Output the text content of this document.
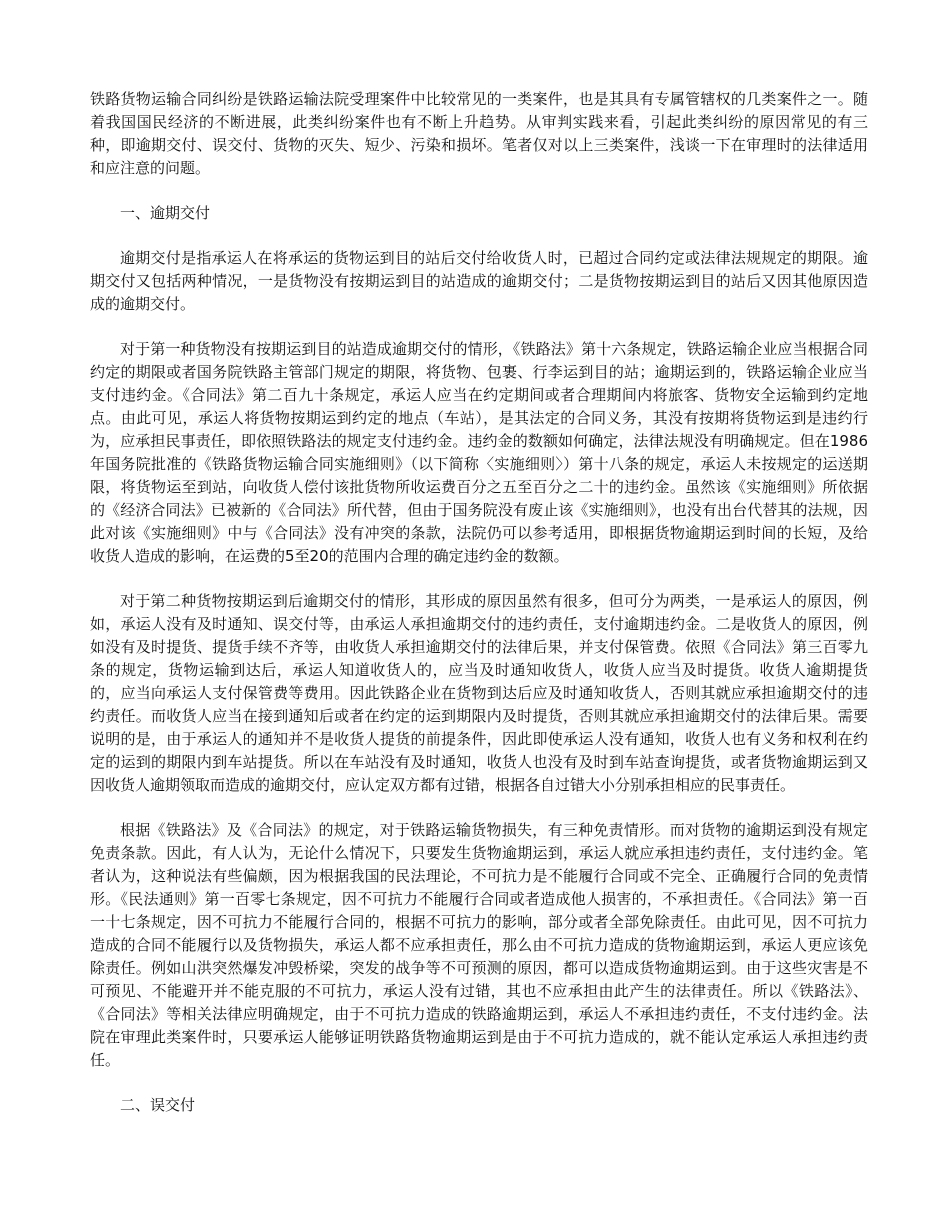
铁路货物运输合同纠纷是铁路运输法院受理案件中比较常见的一类案件，也是其具有专属管辖权的几类案件之一。随着我国国民经济的不断进展，此类纠纷案件也有不断上升趋势。从审判实践来看，引起此类纠纷的原因常见的有三种，即逾期交付、误交付、货物的灭失、短少、污染和损坏。笔者仅对以上三类案件，浅谈一下在审理时的法律适用和应注意的问题。

一、逾期交付

逾期交付是指承运人在将承运的货物运到目的站后交付给收货人时，已超过合同约定或法律法规规定的期限。逾期交付又包括两种情况，一是货物没有按期运到目的站造成的逾期交付；二是货物按期运到目的站后又因其他原因造成的逾期交付。

对于第一种货物没有按期运到目的站造成逾期交付的情形，《铁路法》第十六条规定，铁路运输企业应当根据合同约定的期限或者国务院铁路主管部门规定的期限，将货物、包裹、行李运到目的站；逾期运到的，铁路运输企业应当支付违约金。《合同法》第二百九十条规定，承运人应当在约定期间或者合理期间内将旅客、货物安全运输到约定地点。由此可见，承运人将货物按期运到约定的地点（车站），是其法定的合同义务，其没有按期将货物运到是违约行为，应承担民事责任，即依照铁路法的规定支付违约金。违约金的数额如何确定，法律法规没有明确规定。但在1986年国务院批准的《铁路货物运输合同实施细则》（以下简称〈实施细则〉）第十八条的规定，承运人未按规定的运送期限，将货物运至到站，向收货人偿付该批货物所收运费百分之五至百分之二十的违约金。虽然该《实施细则》所依据的《经济合同法》已被新的《合同法》所代替，但由于国务院没有废止该《实施细则》，也没有出台代替其的法规，因此对该《实施细则》中与《合同法》没有冲突的条款，法院仍可以参考适用，即根据货物逾期运到时间的长短，及给收货人造成的影响，在运费的5至20的范围内合理的确定违约金的数额。

对于第二种货物按期运到后逾期交付的情形，其形成的原因虽然有很多，但可分为两类，一是承运人的原因，例如，承运人没有及时通知、误交付等，由承运人承担逾期交付的违约责任，支付逾期违约金。二是收货人的原因，例如没有及时提货、提货手续不齐等，由收货人承担逾期交付的法律后果，并支付保管费。依照《合同法》第三百零九条的规定，货物运输到达后，承运人知道收货人的，应当及时通知收货人，收货人应当及时提货。收货人逾期提货的，应当向承运人支付保管费等费用。因此铁路企业在货物到达后应及时通知收货人，否则其就应承担逾期交付的违约责任。而收货人应当在接到通知后或者在约定的运到期限内及时提货，否则其就应承担逾期交付的法律后果。需要说明的是，由于承运人的通知并不是收货人提货的前提条件，因此即使承运人没有通知，收货人也有义务和权利在约定的运到的期限内到车站提货。所以在车站没有及时通知，收货人也没有及时到车站查询提货，或者货物逾期运到又因收货人逾期领取而造成的逾期交付，应认定双方都有过错，根据各自过错大小分别承担相应的民事责任。

根据《铁路法》及《合同法》的规定，对于铁路运输货物损失，有三种免责情形。而对货物的逾期运到没有规定免责条款。因此，有人认为，无论什么情况下，只要发生货物逾期运到，承运人就应承担违约责任，支付违约金。笔者认为，这种说法有些偏颇，因为根据我国的民法理论，不可抗力是不能履行合同或不完全、正确履行合同的免责情形。《民法通则》第一百零七条规定，因不可抗力不能履行合同或者造成他人损害的，不承担责任。《合同法》第一百一十七条规定，因不可抗力不能履行合同的，根据不可抗力的影响，部分或者全部免除责任。由此可见，因不可抗力造成的合同不能履行以及货物损失，承运人都不应承担责任，那么由不可抗力造成的货物逾期运到，承运人更应该免除责任。例如山洪突然爆发冲毁桥梁，突发的战争等不可预测的原因，都可以造成货物逾期运到。由于这些灾害是不可预见、不能避开并不能克服的不可抗力，承运人没有过错，其也不应承担由此产生的法律责任。所以《铁路法》、《合同法》等相关法律应明确规定，由于不可抗力造成的铁路逾期运到，承运人不承担违约责任，不支付违约金。法院在审理此类案件时，只要承运人能够证明铁路货物逾期运到是由于不可抗力造成的，就不能认定承运人承担违约责任。

二、误交付
